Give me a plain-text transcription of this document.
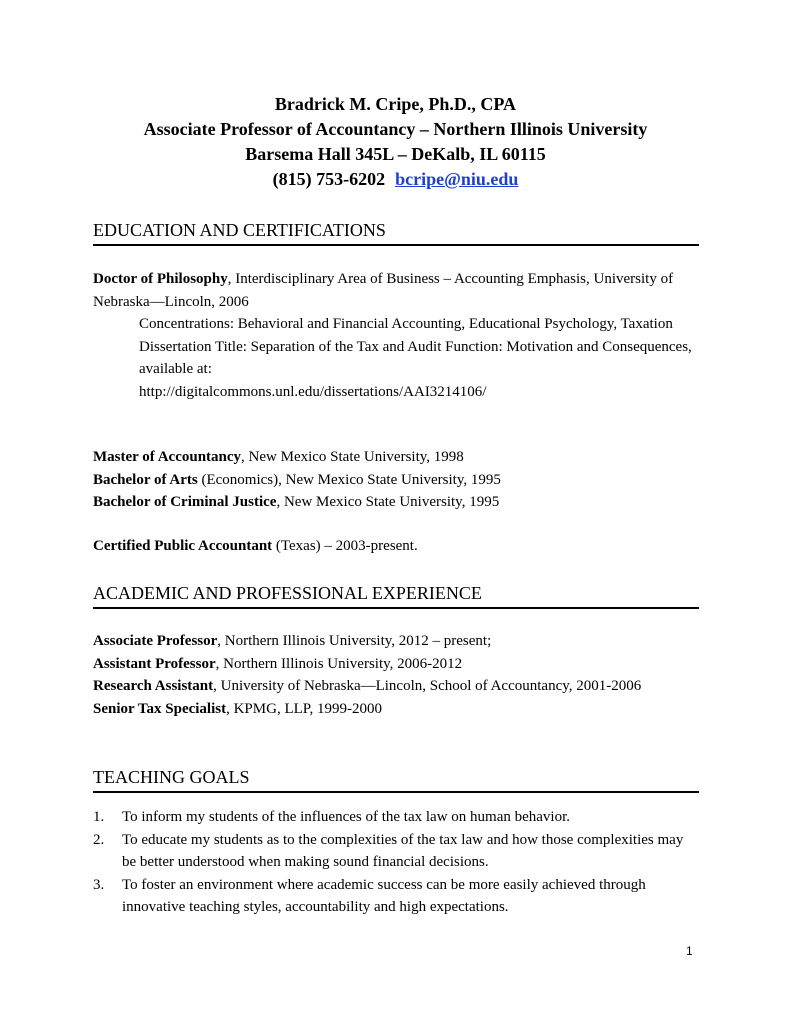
Bradrick M. Cripe, Ph.D., CPA
Associate Professor of Accountancy – Northern Illinois University
Barsema Hall 345L – DeKalb, IL 60115
(815) 753-6202 bcripe@niu.edu
EDUCATION AND CERTIFICATIONS
Doctor of Philosophy, Interdisciplinary Area of Business – Accounting Emphasis, University of Nebraska—Lincoln, 2006
Concentrations: Behavioral and Financial Accounting, Educational Psychology, Taxation
Dissertation Title: Separation of the Tax and Audit Function: Motivation and Consequences, available at:
http://digitalcommons.unl.edu/dissertations/AAI3214106/
Master of Accountancy, New Mexico State University, 1998
Bachelor of Arts (Economics), New Mexico State University, 1995
Bachelor of Criminal Justice, New Mexico State University, 1995
Certified Public Accountant (Texas) – 2003-present.
ACADEMIC AND PROFESSIONAL EXPERIENCE
Associate Professor, Northern Illinois University, 2012 – present;
Assistant Professor, Northern Illinois University, 2006-2012
Research Assistant, University of Nebraska—Lincoln, School of Accountancy, 2001-2006
Senior Tax Specialist, KPMG, LLP, 1999-2000
TEACHING GOALS
1. To inform my students of the influences of the tax law on human behavior.
2. To educate my students as to the complexities of the tax law and how those complexities may be better understood when making sound financial decisions.
3. To foster an environment where academic success can be more easily achieved through innovative teaching styles, accountability and high expectations.
1
